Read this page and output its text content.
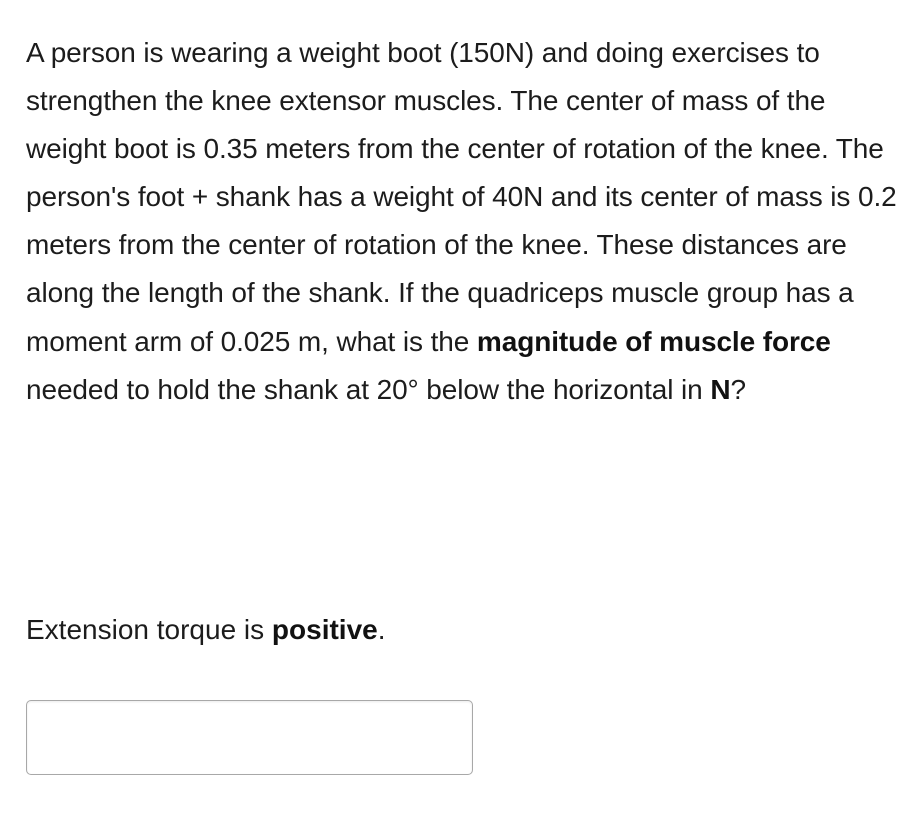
A person is wearing a weight boot (150N) and doing exercises to strengthen the knee extensor muscles. The center of mass of the weight boot is 0.35 meters from the center of rotation of the knee. The person's foot + shank has a weight of 40N and its center of mass is 0.2 meters from the center of rotation of the knee. These distances are along the length of the shank. If the quadriceps muscle group has a moment arm of 0.025 m, what is the magnitude of muscle force needed to hold the shank at 20° below the horizontal in N?

Extension torque is positive.
